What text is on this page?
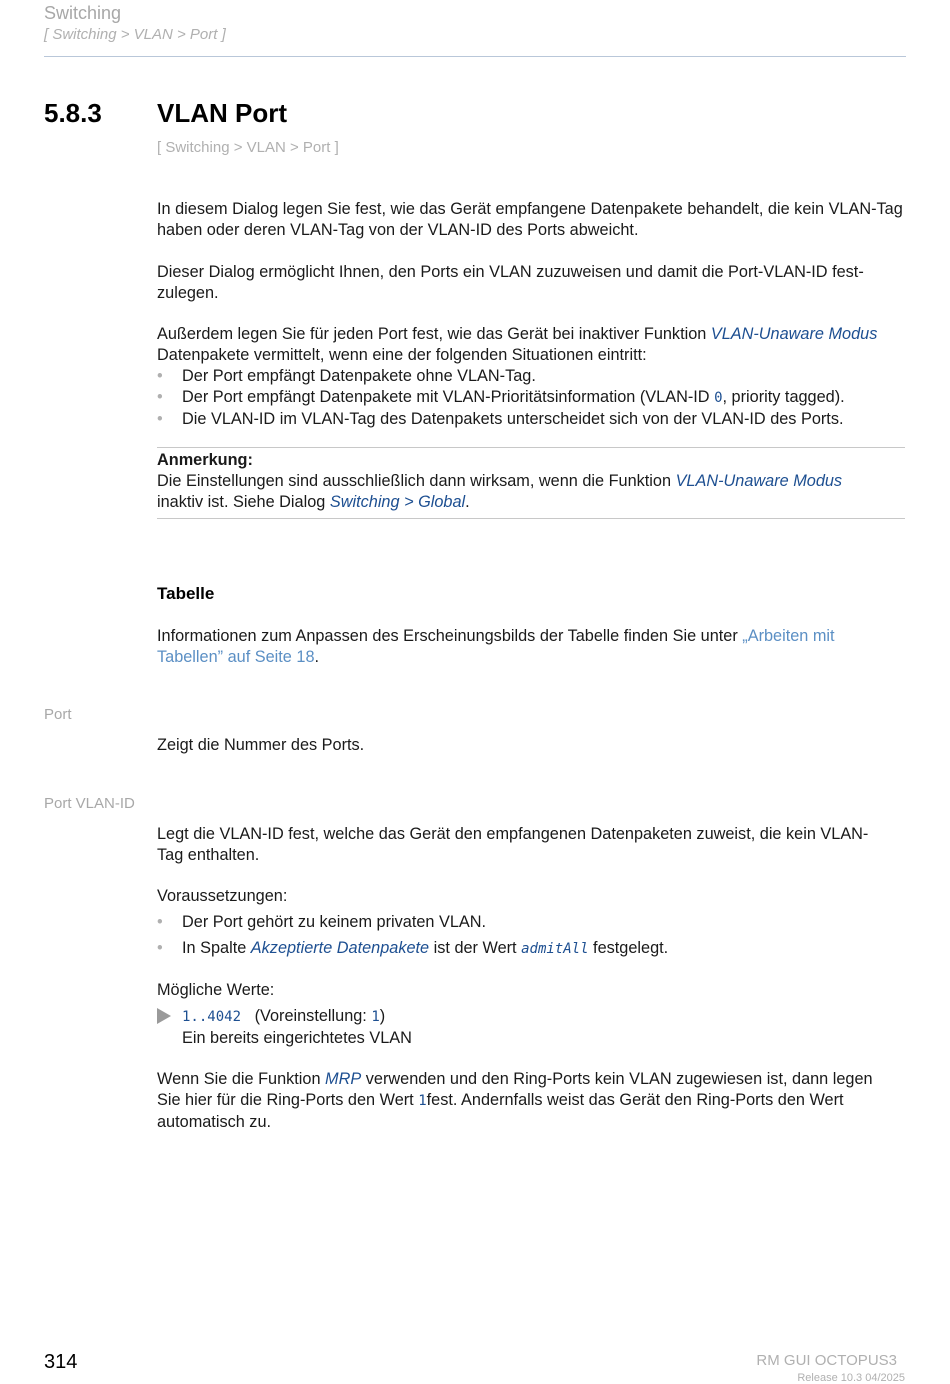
Switching
[ Switching > VLAN > Port ]
5.8.3 VLAN Port
[ Switching > VLAN > Port ]
In diesem Dialog legen Sie fest, wie das Gerät empfangene Datenpakete behandelt, die kein VLAN-Tag haben oder deren VLAN-Tag von der VLAN-ID des Ports abweicht.
Dieser Dialog ermöglicht Ihnen, den Ports ein VLAN zuzuweisen und damit die Port-VLAN-ID fest-
zulegen.
Außerdem legen Sie für jeden Port fest, wie das Gerät bei inaktiver Funktion VLAN-Unaware Modus
Datenpakete vermittelt, wenn eine der folgenden Situationen eintritt:
• Der Port empfängt Datenpakete ohne VLAN-Tag.
• Der Port empfängt Datenpakete mit VLAN-Prioritätsinformation (VLAN-ID 0, priority tagged).
• Die VLAN-ID im VLAN-Tag des Datenpakets unterscheidet sich von der VLAN-ID des Ports.
Anmerkung:
Die Einstellungen sind ausschließlich dann wirksam, wenn die Funktion VLAN-Unaware Modus
inaktiv ist. Siehe Dialog Switching > Global.
Tabelle
Informationen zum Anpassen des Erscheinungsbilds der Tabelle finden Sie unter „Arbeiten mit
Tabellen” auf Seite 18.
Port
Zeigt die Nummer des Ports.
Port VLAN-ID
Legt die VLAN-ID fest, welche das Gerät den empfangenen Datenpaketen zuweist, die kein VLAN-
Tag enthalten.
Voraussetzungen:
• Der Port gehört zu keinem privaten VLAN.
• In Spalte Akzeptierte Datenpakete ist der Wert admitAll festgelegt.
Mögliche Werte:
1..4042 (Voreinstellung: 1)
Ein bereits eingerichtetes VLAN
Wenn Sie die Funktion MRP verwenden und den Ring-Ports kein VLAN zugewiesen ist, dann legen
Sie hier für die Ring-Ports den Wert 1fest. Andernfalls weist das Gerät den Ring-Ports den Wert
automatisch zu.
314	RM GUI OCTOPUS3
Release 10.3 04/2025
